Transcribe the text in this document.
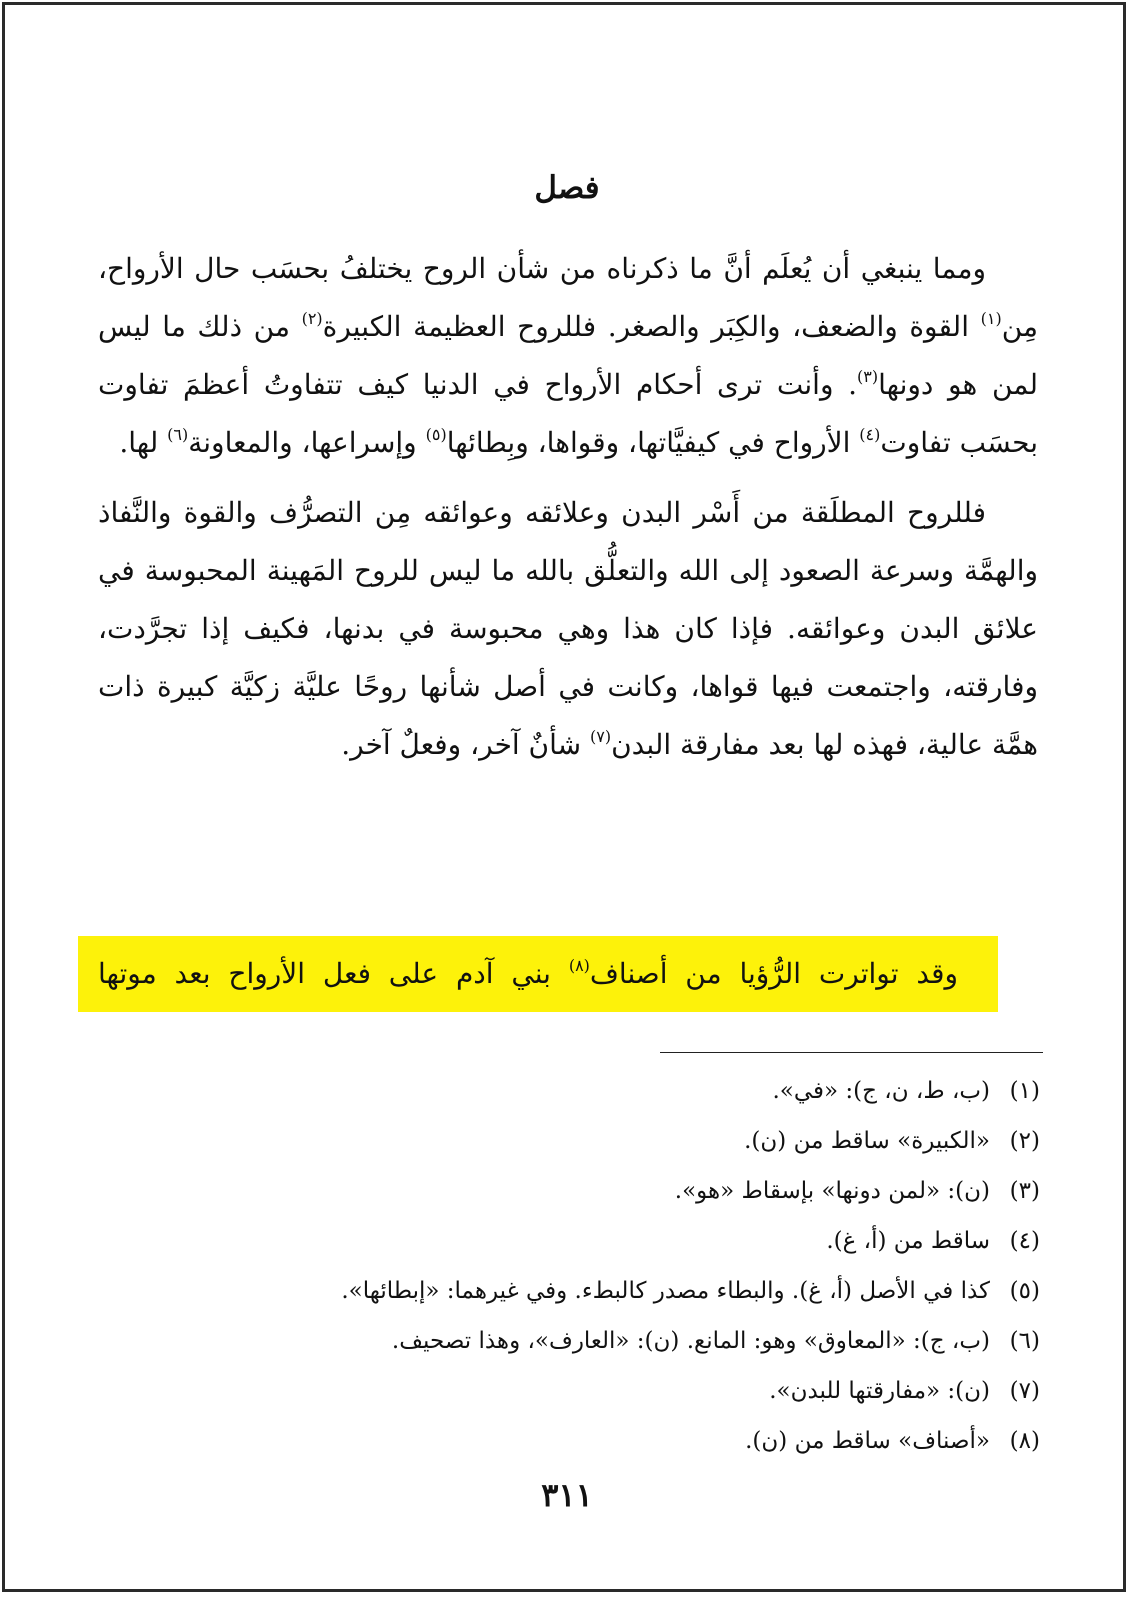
فصل

ومما ينبغي أن يُعلَم أنَّ ما ذكرناه من شأن الروح يختلفُ بحسَب حال الأرواح، مِن$^{(١)}$ القوة والضعف، والكِبَر والصغر. فللروح العظيمة الكبيرة$^{(٢)}$ من ذلك ما ليس لمن هو دونها$^{(٣)}$. وأنت ترى أحكام الأرواح في الدنيا كيف تتفاوتُ أعظمَ تفاوت بحسَب تفاوت$^{(٤)}$ الأرواح في كيفيَّاتها، وقواها، وبِطائها$^{(٥)}$ وإسراعها، والمعاونة$^{(٦)}$ لها.

فللروح المطلَقة من أَسْر البدن وعلائقه وعوائقه مِن التصرُّف والقوة والنَّفاذ والهمَّة وسرعة الصعود إلى الله والتعلُّق بالله ما ليس للروح المَهينة المحبوسة في علائق البدن وعوائقه. فإذا كان هذا وهي محبوسة في بدنها، فكيف إذا تجرَّدت، وفارقته، واجتمعت فيها قواها، وكانت في أصل شأنها روحًا عليَّة زكيَّة كبيرة ذات همَّة عالية، فهذه لها بعد مفارقة البدن$^{(٧)}$ شأنٌ آخر، وفعلٌ آخر.

وقد تواترت الرُّؤيا من أصناف$^{(٨)}$ بني آدم على فعل الأرواح بعد موتها
(١)(ب، ط، ن، ج): «في».
(٢)«الكبيرة» ساقط من (ن).
(٣)(ن): «لمن دونها» بإسقاط «هو».
(٤)ساقط من (أ، غ).
(٥)كذا في الأصل (أ، غ). والبطاء مصدر كالبطء. وفي غيرهما: «إبطائها».
(٦)(ب، ج): «المعاوق» وهو: المانع. (ن): «العارف»، وهذا تصحيف.
(٧)(ن): «مفارقتها للبدن».
(٨)«أصناف» ساقط من (ن).
٣١١
